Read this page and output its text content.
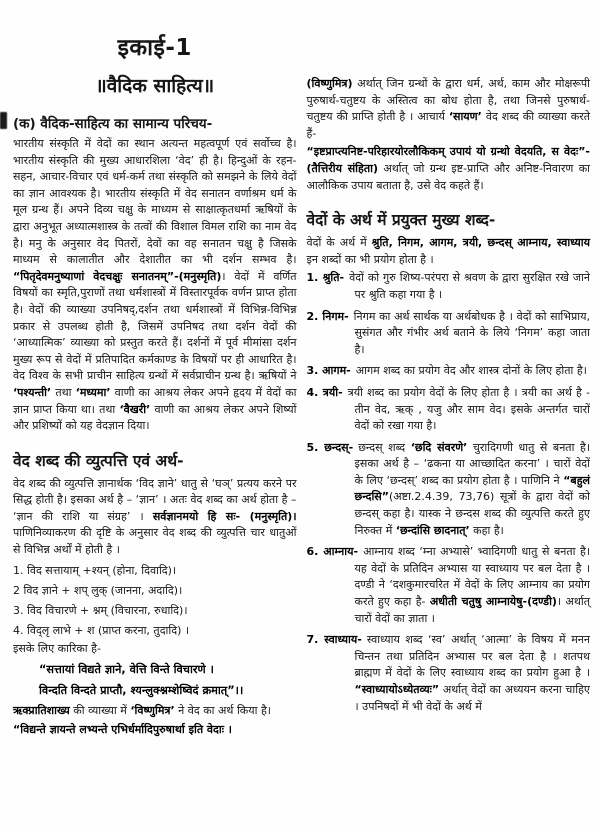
इकाई-1
॥वैदिक साहित्य॥
(क) वैदिक-साहित्य का सामान्य परिचय-

भारतीय संस्कृति में वेदों का स्थान अत्यन्त महत्वपूर्ण एवं सर्वोच्च है। भारतीय संस्कृति की मुख्य आधारशिला ‘वेद’ ही है। हिन्दुओं के रहन-सहन, आचार-विचार एवं धर्म-कर्म तथा संस्कृति को समझने के लिये वेदों का ज्ञान आवश्यक है। भारतीय संस्कृति में वेद सनातन वर्णाश्रम धर्म के मूल ग्रन्थ हैं। अपने दिव्य चक्षु के माध्यम से साक्षात्कृतधर्मा ऋषियों के द्वारा अनुभूत अध्यात्मशास्त्र के तत्वों की विशाल विमल राशि का नाम वेद है। मनु के अनुसार वेद पितरों, देवों का वह सनातन चक्षु है जिसके माध्यम से कालातीत और देशातीत का भी दर्शन सम्भव है। “पितृदेवमनुष्याणां वेदचक्षुः सनातनम्”-(मनुस्मृति)। वेदों में वर्णित विषयों का स्मृति,पुराणों तथा धर्मशास्त्रों में विस्तारपूर्वक वर्णन प्राप्त होता है। वेदों की व्याख्या उपनिषद्,दर्शन तथा धर्मशास्त्रों में विभिन्न-विभिन्न प्रकार से उपलब्ध होती है, जिसमें उपनिषद तथा दर्शन वेदों की ‘आध्यात्मिक’ व्याख्या को प्रस्तुत करते हैं। दर्शनों में पूर्व मीमांसा दर्शन मुख्य रूप से वेदों में प्रतिपादित कर्मकाण्ड के विषयों पर ही आधारित है। वेद विश्व के सभी प्राचीन साहित्य ग्रन्थों में सर्वप्राचीन ग्रन्थ है। ऋषियों ने ‘पश्यन्ती’ तथा ‘मध्यमा’ वाणी का आश्रय लेकर अपने हृदय में वेदों का ज्ञान प्राप्त किया था। तथा ‘वैखरी’ वाणी का आश्रय लेकर अपने शिष्यों और प्रशिष्यों को यह वेदज्ञान दिया।

वेद शब्द की व्युत्पत्ति एवं अर्थ-

वेद शब्द की व्युत्पत्ति ज्ञानार्थक ‘विद ज्ञाने’ धातु से ‘घञ्’ प्रत्यय करने पर सिद्ध होती है। इसका अर्थ है – ‘ज्ञान’ । अतः वेद शब्द का अर्थ होता है – ‘ज्ञान की राशि या संग्रह’ । सर्वज्ञानमयो हि सः- (मनुस्मृति)। पाणिनिव्याकरण की दृष्टि के अनुसार वेद शब्द की व्युत्पत्ति चार धातुओं से विभिन्न अर्थों में होती है ।

1. विद सत्तायाम् +श्यन् (होना, दिवादि)।
2 विद ज्ञाने + शप् लुक् (जानना, अदादि)।
3. विद विचारणे + श्नम् (विचारना, रुधादि)।
4. विद्लृ लाभे + श (प्राप्त करना, तुदादि) ।

इसके लिए कारिका है-

“सत्तायां विद्यते ज्ञाने, वेत्ति विन्ते विचारणे ।
विन्दति विन्दते प्राप्तौ, श्यन्लुक्श्नम्शेष्विदं क्रमात्”।।

ऋक्प्रातिशाख्य की व्याख्या में ‘विष्णुमित्र’ ने वेद का अर्थ किया है।

“विद्यन्ते ज्ञायन्ते लभ्यन्ते एभिर्धर्मादिपुरुषार्था इति वेदाः ।

(विष्णुमित्र) अर्थात् जिन ग्रन्थों के द्वारा धर्म, अर्थ, काम और मोक्षरूपी पुरुषार्थ-चतुष्टय के अस्तित्व का बोध होता है, तथा जिनसे पुरुषार्थ-चतुष्टय की प्राप्ति होती है । आचार्य ‘सायण’ वेद शब्द की व्याख्या करते हैं-

“इष्टप्राप्त्यनिष्ट-परिहारयोरलौकिकम् उपायं यो ग्रन्थो वेदयति, स वेदः”-(तैत्तिरीय संहिता) अर्थात् जो ग्रन्थ इष्ट-प्राप्ति और अनिष्ट-निवारण का आलौकिक उपाय बताता है, उसे वेद कहते हैं।

वेदों के अर्थ में प्रयुक्त मुख्य शब्द-

वेदों के अर्थ में श्रुति, निगम, आगम, त्रयी, छन्दस् आम्नाय, स्वाध्याय इन शब्दों का भी प्रयोग होता है ।

1. श्रुति- वेदों को गुरु शिष्य-परंपरा से श्रवण के द्वारा सुरक्षित रखे जाने पर श्रुति कहा गया है ।

2. निगम- निगम का अर्थ सार्थक या अर्थबोधक है । वेदों को साभिप्राय, सुसंगत और गंभीर अर्थ बताने के लिये ‘निगम’ कहा जाता है।

3. आगम- आगम शब्द का प्रयोग वेद और शास्त्र दोनों के लिए होता है।

4. त्रयी- त्रयी शब्द का प्रयोग वेदों के लिए होता है । त्रयी का अर्थ है - तीन वेद, ऋक् , यजु और साम वेद। इसके अन्तर्गत चारों वेदों को रखा गया है।

5. छन्दस्- छन्दस् शब्द ‘छदि संवरणे’ चुरादिगणी धातु से बनता है। इसका अर्थ है – ‘ढकना या आच्छादित करना’ । चारों वेदों के लिए ‘छन्दस्’ शब्द का प्रयोग होता है । पाणिनि ने “बहुलं छन्दसि”(अष्टा.2.4.39, 73,76) सूत्रों के द्वारा वेदों को छन्दस् कहा है। यास्क ने छन्दस शब्द की व्युत्पत्ति करते हुए निरुक्त में ‘छन्दांसि छादनात्’ कहा है।

6. आम्नाय- आम्नाय शब्द ‘म्ना अभ्यासे’ भ्वादिगणी धातु से बनता है। यह वेदों के प्रतिदिन अभ्यास या स्वाध्याय पर बल देता है । दण्डी ने ‘दशकुमारचरित में वेदों के लिए आम्नाय का प्रयोग करते हुए कहा है- अधीती चतुषु आम्नायेषु-(दण्डी)। अर्थात् चारों वेदों का ज्ञाता ।

7. स्वाध्याय- स्वाध्याय शब्द ‘स्व’ अर्थात् ‘आत्मा’ के विषय में मनन चिन्तन तथा प्रतिदिन अभ्यास पर बल देता है । शतपथ ब्राह्मण में वेदों के लिए स्वाध्याय शब्द का प्रयोग हुआ है । “स्वाध्यायोऽध्येतव्यः” अर्थात् वेदों का अध्ययन करना चाहिए । उपनिषदों में भी वेदों के अर्थ में
